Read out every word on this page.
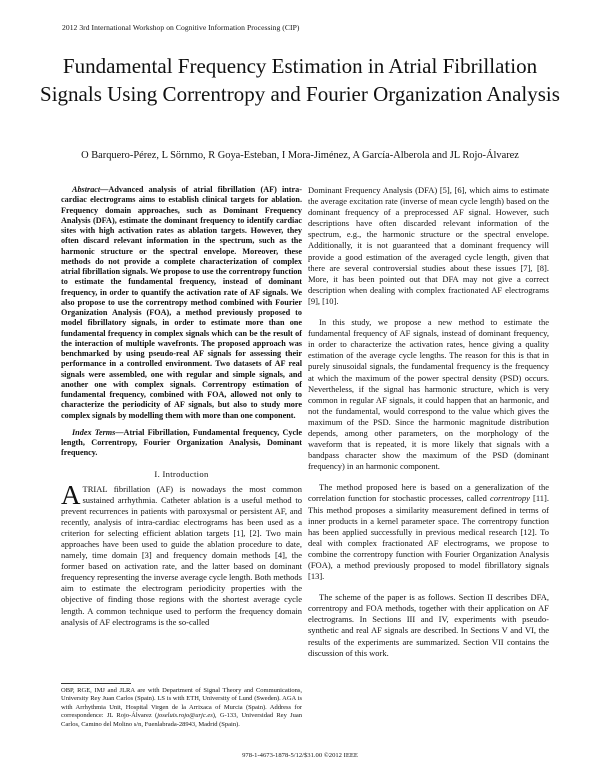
2012 3rd International Workshop on Cognitive Information Processing (CIP)
Fundamental Frequency Estimation in Atrial Fibrillation Signals Using Correntropy and Fourier Organization Analysis
O Barquero-Pérez, L Sörnmo, R Goya-Esteban, I Mora-Jiménez, A García-Alberola and JL Rojo-Álvarez

Abstract—Advanced analysis of atrial fibrillation (AF) intra-cardiac electrograms aims to establish clinical targets for ablation. Frequency domain approaches, such as Dominant Frequency Analysis (DFA), estimate the dominant frequency to identify cardiac sites with high activation rates as ablation targets. However, they often discard relevant information in the spectrum, such as the harmonic structure or the spectral envelope. Moreover, these methods do not provide a complete characterization of complex atrial fibrillation signals. We propose to use the correntropy function to estimate the fundamental frequency, instead of dominant frequency, in order to quantify the activation rate of AF signals. We also propose to use the correntropy method combined with Fourier Organization Analysis (FOA), a method previously proposed to model fibrillatory signals, in order to estimate more than one fundamental frequency in complex signals which can be the result of the interaction of multiple wavefronts. The proposed approach was benchmarked by using pseudo-real AF signals for assessing their performance in a controlled environment. Two datasets of AF real signals were assembled, one with regular and simple signals, and another one with complex signals. Correntropy estimation of fundamental frequency, combined with FOA, allowed not only to characterize the periodicity of AF signals, but also to study more complex signals by modelling them with more than one component.

Index Terms—Atrial Fibrillation, Fundamental frequency, Cycle length, Correntropy, Fourier Organization Analysis, Dominant frequency.

I. Introduction

ATRIAL fibrillation (AF) is nowadays the most common sustained arrhythmia. Catheter ablation is a useful method to prevent recurrences in patients with paroxysmal or persistent AF, and recently, analysis of intra-cardiac electrograms has been used as a criterion for selecting efficient ablation targets [1], [2]. Two main approaches have been used to guide the ablation procedure to date, namely, time domain [3] and frequency domain methods [4], the former based on activation rate, and the latter based on dominant frequency representing the inverse average cycle length. Both methods aim to estimate the electrogram periodicity properties with the objective of finding those regions with the shortest average cycle length. A common technique used to perform the frequency domain analysis of AF electrograms is the so-called

OBP, RGE, IMJ and JLRA are with Department of Signal Theory and Communications, University Rey Juan Carlos (Spain). LS is with ETH, University of Lund (Sweden). AGA is with Arrhythmia Unit, Hospital Virgen de la Arrixaca of Murcia (Spain). Address for correspondence: JL Rojo-Álvarez (joseluis.rojo@urjc.es), G-133, Universidad Rey Juan Carlos, Camino del Molino s/n, Fuenlabrada-28943, Madrid (Spain).

Dominant Frequency Analysis (DFA) [5], [6], which aims to estimate the average excitation rate (inverse of mean cycle length) based on the dominant frequency of a preprocessed AF signal. However, such descriptions have often discarded relevant information of the spectrum, e.g., the harmonic structure or the spectral envelope. Additionally, it is not guaranteed that a dominant frequency will provide a good estimation of the averaged cycle length, given that there are several controversial studies about these issues [7], [8]. More, it has been pointed out that DFA may not give a correct description when dealing with complex fractionated AF electrograms [9], [10].

In this study, we propose a new method to estimate the fundamental frequency of AF signals, instead of dominant frequency, in order to characterize the activation rates, hence giving a quality estimation of the average cycle lengths. The reason for this is that in purely sinusoidal signals, the fundamental frequency is the frequency at which the maximum of the power spectral density (PSD) occurs. Nevertheless, if the signal has harmonic structure, which is very common in regular AF signals, it could happen that an harmonic, and not the fundamental, would correspond to the value which gives the maximum of the PSD. Since the harmonic magnitude distribution depends, among other parameters, on the morphology of the waveform that is repeated, it is more likely that signals with a bandpass character show the maximum of the PSD (dominant frequency) in an harmonic component.

The method proposed here is based on a generalization of the correlation function for stochastic processes, called correntropy [11]. This method proposes a similarity measurement defined in terms of inner products in a kernel parameter space. The correntropy function has been applied successfully in previous medical research [12]. To deal with complex fractionated AF electrograms, we propose to combine the correntropy function with Fourier Organization Analysis (FOA), a method previously proposed to model fibrillatory signals [13].

The scheme of the paper is as follows. Section II describes DFA, correntropy and FOA methods, together with their application on AF electrograms. In Sections III and IV, experiments with pseudo-synthetic and real AF signals are described. In Sections V and VI, the results of the experiments are summarized. Section VII contains the discussion of this work.

978-1-4673-1878-5/12/$31.00 ©2012 IEEE
